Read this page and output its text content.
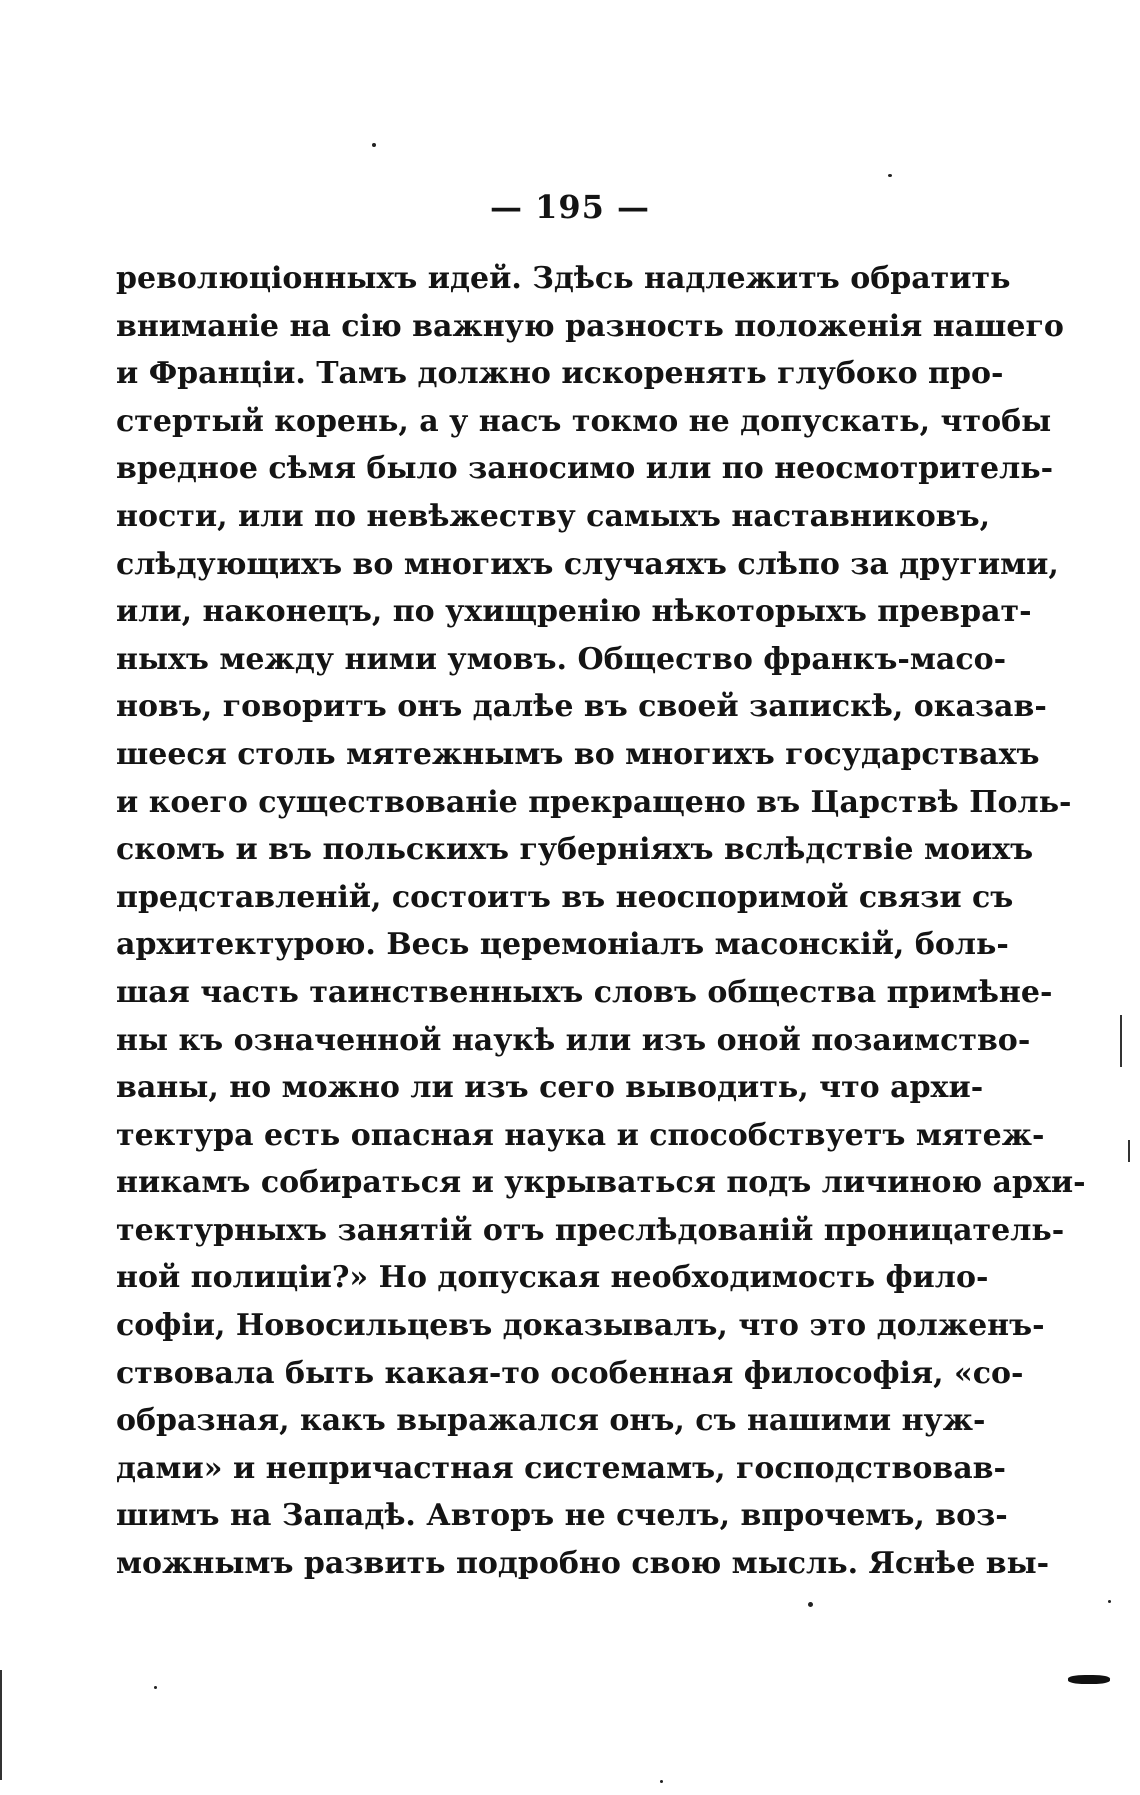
— 195 —
революціонныхъ идей. Здѣсь надлежитъ обратить
вниманіе на сію важную разность положенія нашего
и Франціи. Тамъ должно искоренять глубоко про-
стертый корень, а у насъ токмо не допускать, чтобы
вредное сѣмя было заносимо или по неосмотритель-
ности, или по невѣжеству самыхъ наставниковъ,
слѣдующихъ во многихъ случаяхъ слѣпо за другими,
или, наконецъ, по ухищренію нѣкоторыхъ преврат-
ныхъ между ними умовъ. Общество франкъ-масо-
новъ, говоритъ онъ далѣе въ своей запискѣ, оказав-
шееся столь мятежнымъ во многихъ государствахъ
и коего существованіе прекращено въ Царствѣ Поль-
скомъ и въ польскихъ губерніяхъ вслѣдствіе моихъ
представленій, состоитъ въ неоспоримой связи съ
архитектурою. Весь церемоніалъ масонскій, боль-
шая часть таинственныхъ словъ общества примѣне-
ны къ означенной наукѣ или изъ оной позаимство-
ваны, но можно ли изъ сего выводить, что архи-
тектура есть опасная наука и способствуетъ мятеж-
никамъ собираться и укрываться подъ личиною архи-
тектурныхъ занятій отъ преслѣдованій проницатель-
ной полиціи?» Но допуская необходимость фило-
софіи, Новосильцевъ доказывалъ, что это долженъ-
ствовала быть какая-то особенная философія, «со-
образная, какъ выражался онъ, съ нашими нуж-
дами» и непричастная системамъ, господствовав-
шимъ на Западѣ. Авторъ не счелъ, впрочемъ, воз-
можнымъ развить подробно свою мысль. Яснѣе вы-
